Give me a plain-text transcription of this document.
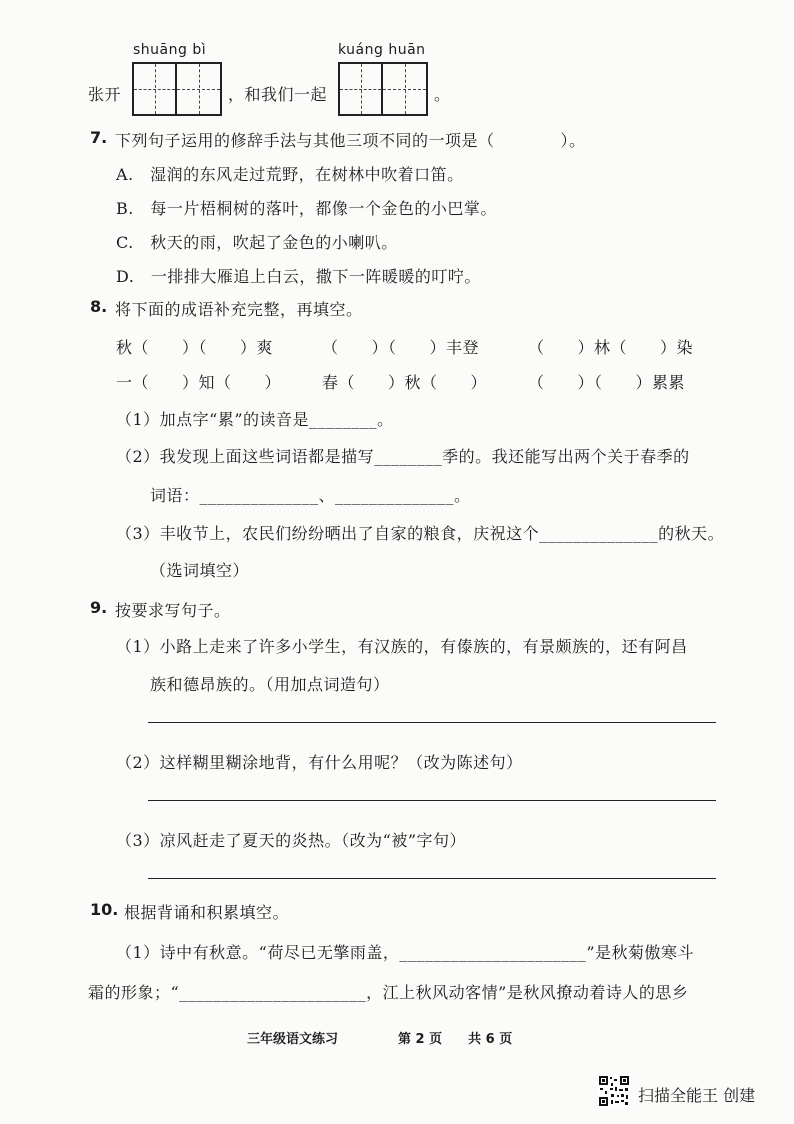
shuāng bì	kuáng huān
张开	，和我们一起	。
7. 下列句子运用的修辞手法与其他三项不同的一项是（　　　　）。
A.　湿润的东风走过荒野，在树林中吹着口笛。
B.　每一片梧桐树的落叶，都像一个金色的小巴掌。
C.　秋天的雨，吹起了金色的小喇叭。
D.　一排排大雁追上白云，撒下一阵暖暖的叮咛。
8. 将下面的成语补充完整，再填空。
秋（　　）（　　）爽	（　　）（　　）丰登	（　　）林（　　）染
一（　　）知（　　）	春（　　）秋（　　）	（　　）（　　）累累
（1）加点字“累”的读音是________。
（2）我发现上面这些词语都是描写________季的。我还能写出两个关于春季的
词语：______________、______________。
（3）丰收节上，农民们纷纷晒出了自家的粮食，庆祝这个______________的秋天。
（选词填空）
9. 按要求写句子。
（1）小路上走来了许多小学生，有汉族的，有傣族的，有景颇族的，还有阿昌
族和德昂族的。（用加点词造句）
（2）这样糊里糊涂地背，有什么用呢？（改为陈述句）
（3）凉风赶走了夏天的炎热。（改为“被”字句）
10. 根据背诵和积累填空。
（1）诗中有秋意。“荷尽已无擎雨盖，______________________”是秋菊傲寒斗
霜的形象；“______________________，江上秋风动客情”是秋风撩动着诗人的思乡
三年级语文练习	第 2 页　　共 6 页
扫描全能王 创建
